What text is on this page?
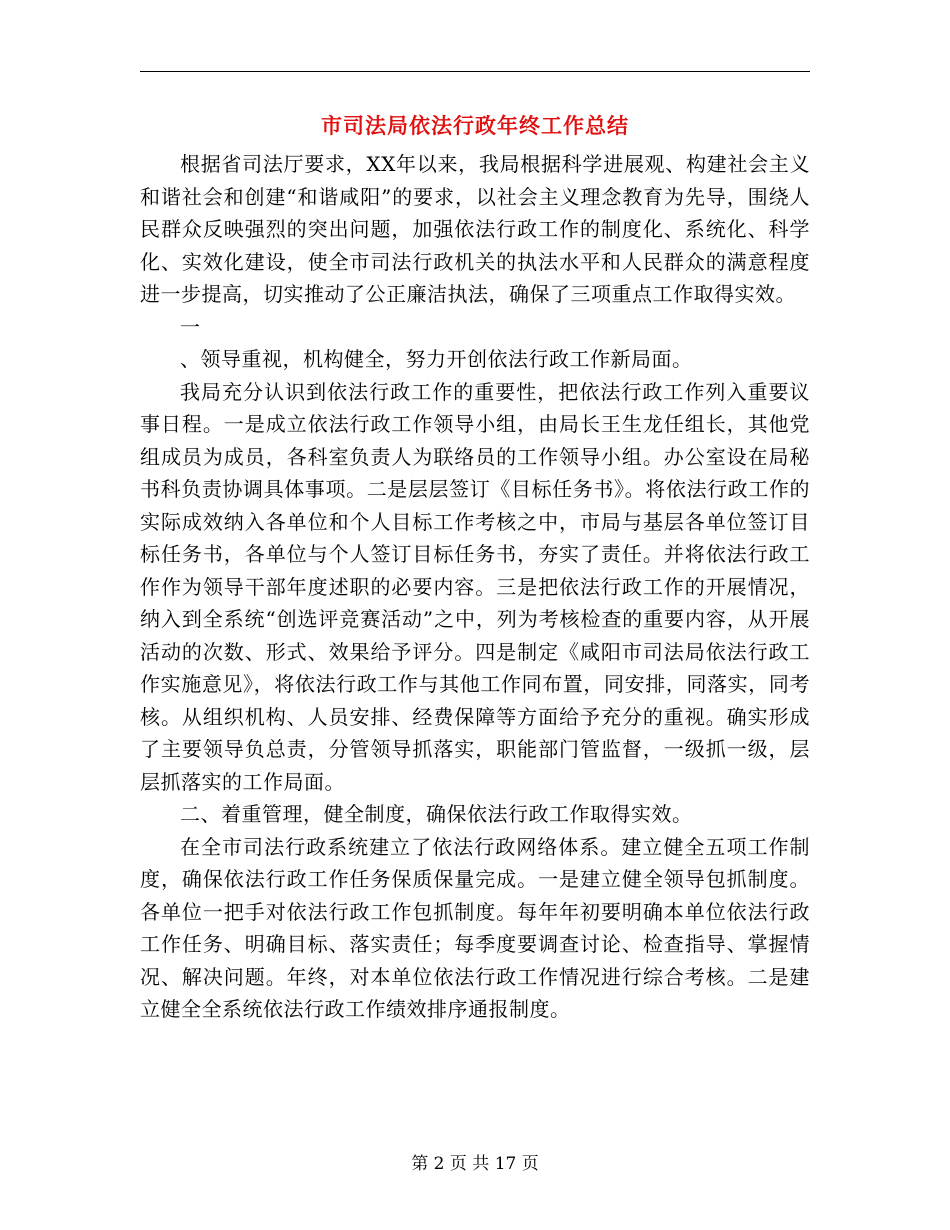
市司法局依法行政年终工作总结

根据省司法厅要求，XX年以来，我局根据科学进展观、构建社会主义和谐社会和创建“和谐咸阳”的要求，以社会主义理念教育为先导，围绕人民群众反映强烈的突出问题，加强依法行政工作的制度化、系统化、科学化、实效化建设，使全市司法行政机关的执法水平和人民群众的满意程度进一步提高，切实推动了公正廉洁执法，确保了三项重点工作取得实效。

一

、领导重视，机构健全，努力开创依法行政工作新局面。

我局充分认识到依法行政工作的重要性，把依法行政工作列入重要议事日程。一是成立依法行政工作领导小组，由局长王生龙任组长，其他党组成员为成员，各科室负责人为联络员的工作领导小组。办公室设在局秘书科负责协调具体事项。二是层层签订《目标任务书》。将依法行政工作的实际成效纳入各单位和个人目标工作考核之中，市局与基层各单位签订目标任务书，各单位与个人签订目标任务书，夯实了责任。并将依法行政工作作为领导干部年度述职的必要内容。三是把依法行政工作的开展情况，纳入到全系统“创选评竞赛活动”之中，列为考核检查的重要内容，从开展活动的次数、形式、效果给予评分。四是制定《咸阳市司法局依法行政工作实施意见》，将依法行政工作与其他工作同布置，同安排，同落实，同考核。从组织机构、人员安排、经费保障等方面给予充分的重视。确实形成了主要领导负总责，分管领导抓落实，职能部门管监督，一级抓一级，层层抓落实的工作局面。

二、着重管理，健全制度，确保依法行政工作取得实效。

在全市司法行政系统建立了依法行政网络体系。建立健全五项工作制度，确保依法行政工作任务保质保量完成。一是建立健全领导包抓制度。各单位一把手对依法行政工作包抓制度。每年年初要明确本单位依法行政工作任务、明确目标、落实责任；每季度要调查讨论、检查指导、掌握情况、解决问题。年终，对本单位依法行政工作情况进行综合考核。二是建立健全全系统依法行政工作绩效排序通报制度。

第 2 页 共 17 页
